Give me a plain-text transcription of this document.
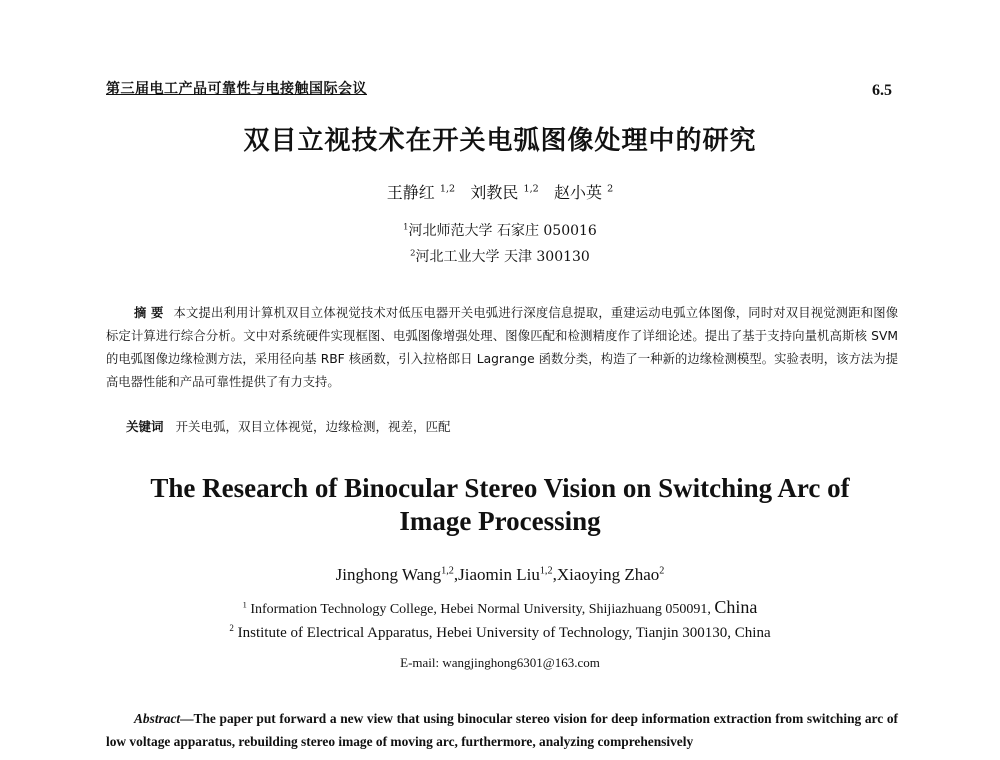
第三届电工产品可靠性与电接触国际会议	6.5
双目立视技术在开关电弧图像处理中的研究
王静红 $^{1,2}$ 刘教民 $^{1,2}$ 赵小英 $^2$
$^1$河北师范大学 石家庄 050016
$^2$河北工业大学 天津 300130
摘 要 本文提出利用计算机双目立体视觉技术对低压电器开关电弧进行深度信息提取，重建运动电弧立体图像，同时对双目视觉测距和图像标定计算进行综合分析。文中对系统硬件实现框图、电弧图像增强处理、图像匹配和检测精度作了详细论述。提出了基于支持向量机高斯核 SVM 的电弧图像边缘检测方法，采用径向基 RBF 核函数，引入拉格郎日 Lagrange 函数分类，构造了一种新的边缘检测模型。实验表明，该方法为提高电器性能和产品可靠性提供了有力支持。
关键词 开关电弧，双目立体视觉，边缘检测，视差，匹配
The Research of Binocular Stereo Vision on Switching Arc of Image Processing
Jinghong Wang$^{1,2}$,Jiaomin Liu$^{1,2}$,Xiaoying Zhao$^2$
$^1$ Information Technology College, Hebei Normal University, Shijiazhuang 050091, China
$^2$ Institute of Electrical Apparatus, Hebei University of Technology, Tianjin 300130, China
E-mail: wangjinghong6301@163.com
Abstract—The paper put forward a new view that using binocular stereo vision for deep information extraction from switching arc of low voltage apparatus, rebuilding stereo image of moving arc, furthermore, analyzing comprehensively
